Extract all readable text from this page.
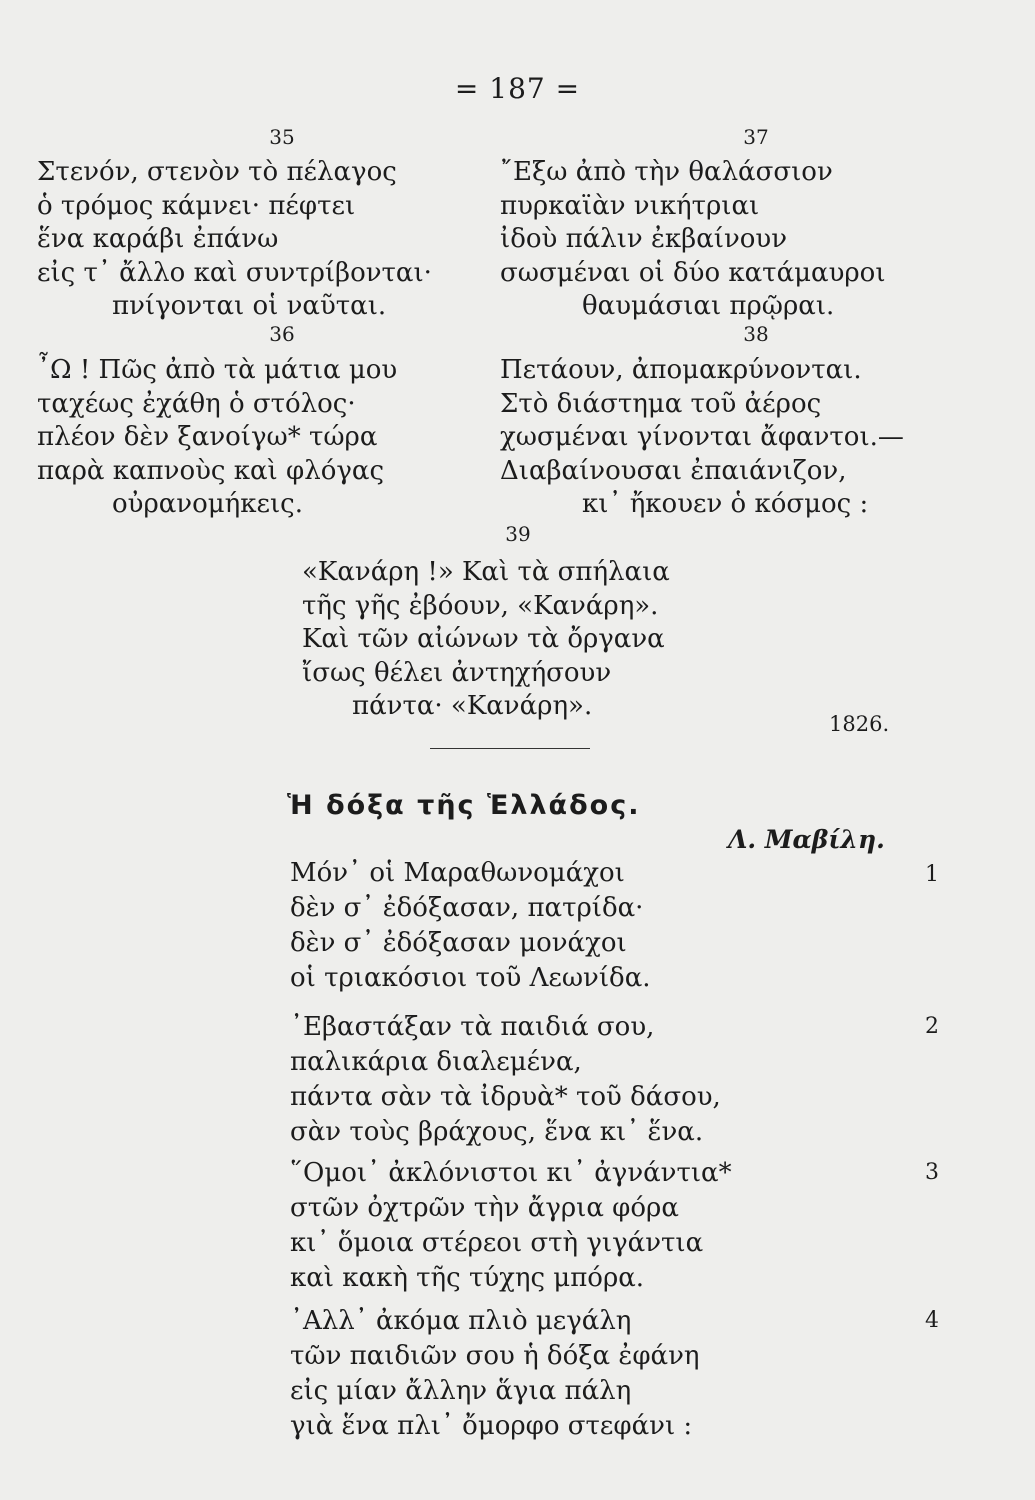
= 187 =
35
Στενόν, στενὸν τὸ πέλαγος
ὁ τρόμος κάμνει· πέφτει
ἕνα καράβι ἐπάνω
εἰς τ᾿ ἄλλο καὶ συντρίβονται·
πνίγονται οἱ ναῦται.
36
῏Ω ! Πῶς ἀπὸ τὰ μάτια μου
ταχέως ἐχάθη ὁ στόλος·
πλέον δὲν ξανοίγω* τώρα
παρὰ καπνοὺς καὶ φλόγας
οὐρανομήκεις.
37
῎Εξω ἀπὸ τὴν θαλάσσιον
πυρκαϊὰν νικήτριαι
ἰδοὺ πάλιν ἐκβαίνουν
σωσμέναι οἱ δύο κατάμαυροι
θαυμάσιαι πρῷραι.
38
Πετάουν, ἀπομακρύνονται.
Στὸ διάστημα τοῦ ἀέρος
χωσμέναι γίνονται ἄφαντοι.—
Διαβαίνουσαι ἐπαιάνιζον,
κι᾿ ἤκουεν ὁ κόσμος :
39
«Κανάρη !» Καὶ τὰ σπήλαια
τῆς γῆς ἐβόουν, «Κανάρη».
Καὶ τῶν αἰώνων τὰ ὄργανα
ἴσως θέλει ἀντηχήσουν
πάντα· «Κανάρη».
1826.
Ἡ δόξα τῆς Ἑλλάδος.
Λ. Μαβίλη.
Μόν᾿ οἱ Μαραθωνομάχοι
δὲν σ᾿ ἐδόξασαν, πατρίδα·
δὲν σ᾿ ἐδόξασαν μονάχοι
οἱ τριακόσιοι τοῦ Λεωνίδα.
1
᾿Εβαστάξαν τὰ παιδιά σου,
παλικάρια διαλεμένα,
πάντα σὰν τὰ ἰδρυὰ* τοῦ δάσου,
σὰν τοὺς βράχους, ἕνα κι᾿ ἕνα.
2
῞Ομοι᾿ ἀκλόνιστοι κι᾿ ἀγνάντια*
στῶν ὀχτρῶν τὴν ἄγρια φόρα
κι᾿ ὅμοια στέρεοι στὴ γιγάντια
καὶ κακὴ τῆς τύχης μπόρα.
3
᾿Αλλ᾿ ἀκόμα πλιὸ μεγάλη
τῶν παιδιῶν σου ἡ δόξα ἐφάνη
εἰς μίαν ἄλλην ἅγια πάλη
γιὰ ἕνα πλι᾿ ὄμορφο στεφάνι :
4
